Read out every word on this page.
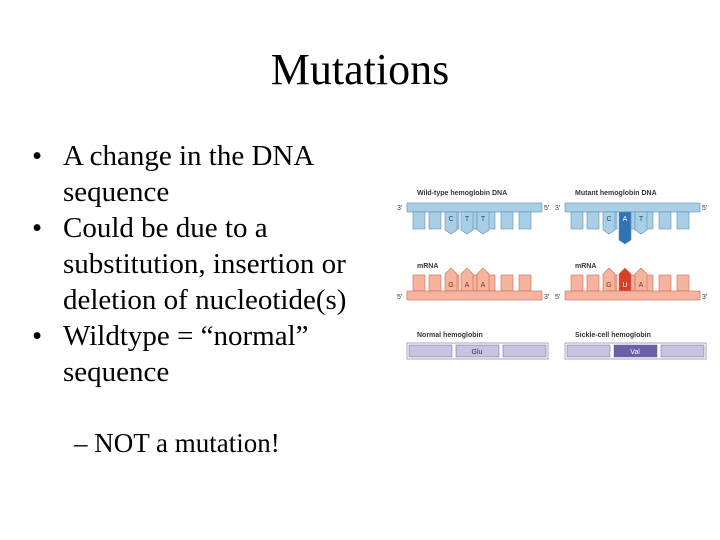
Mutations
• A change in the DNA sequence
• Could be due to a substitution, insertion or deletion of nucleotide(s)
• Wildtype = “normal” sequence
– NOT a mutation!
Wild-type hemoglobin DNA
3'	5'
C T T
mRNA
5'	3'
G A A
Normal hemoglobin
Glu
Mutant hemoglobin DNA
3'	5'
C A T
mRNA
5'	3'
G U A
Sickle-cell hemoglobin
Val
